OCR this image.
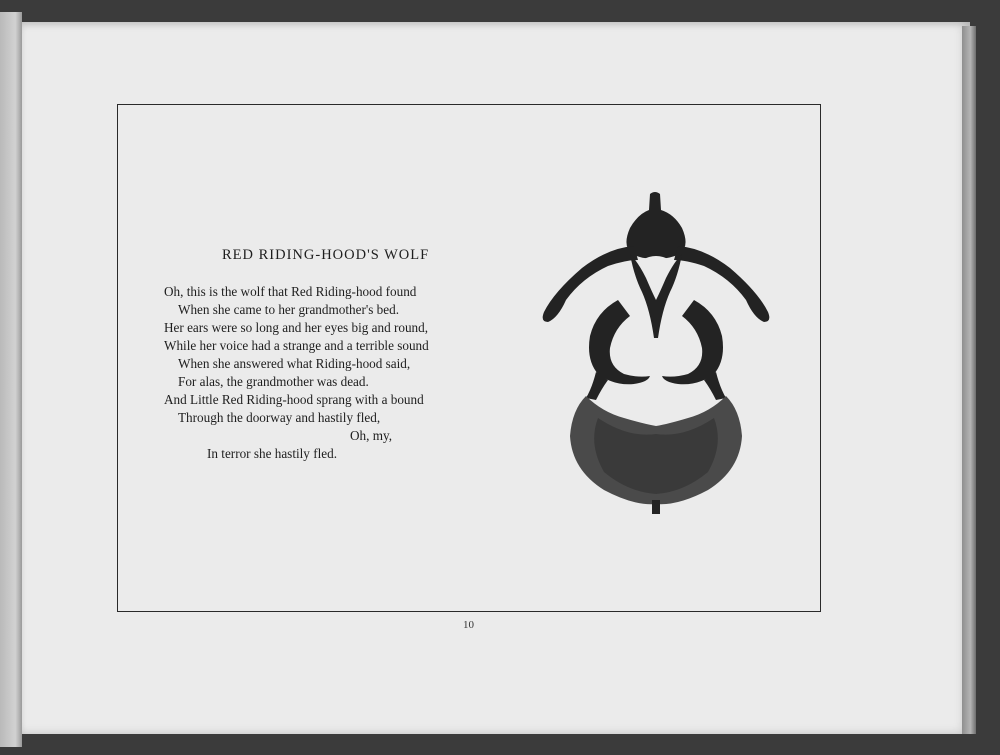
RED RIDING-HOOD'S WOLF
Oh, this is the wolf that Red Riding-hood found
When she came to her grandmother's bed.
Her ears were so long and her eyes big and round,
While her voice had a strange and a terrible sound
When she answered what Riding-hood said,
For alas, the grandmother was dead.
And Little Red Riding-hood sprang with a bound
Through the doorway and hastily fled,
Oh, my,
In terror she hastily fled.
10
